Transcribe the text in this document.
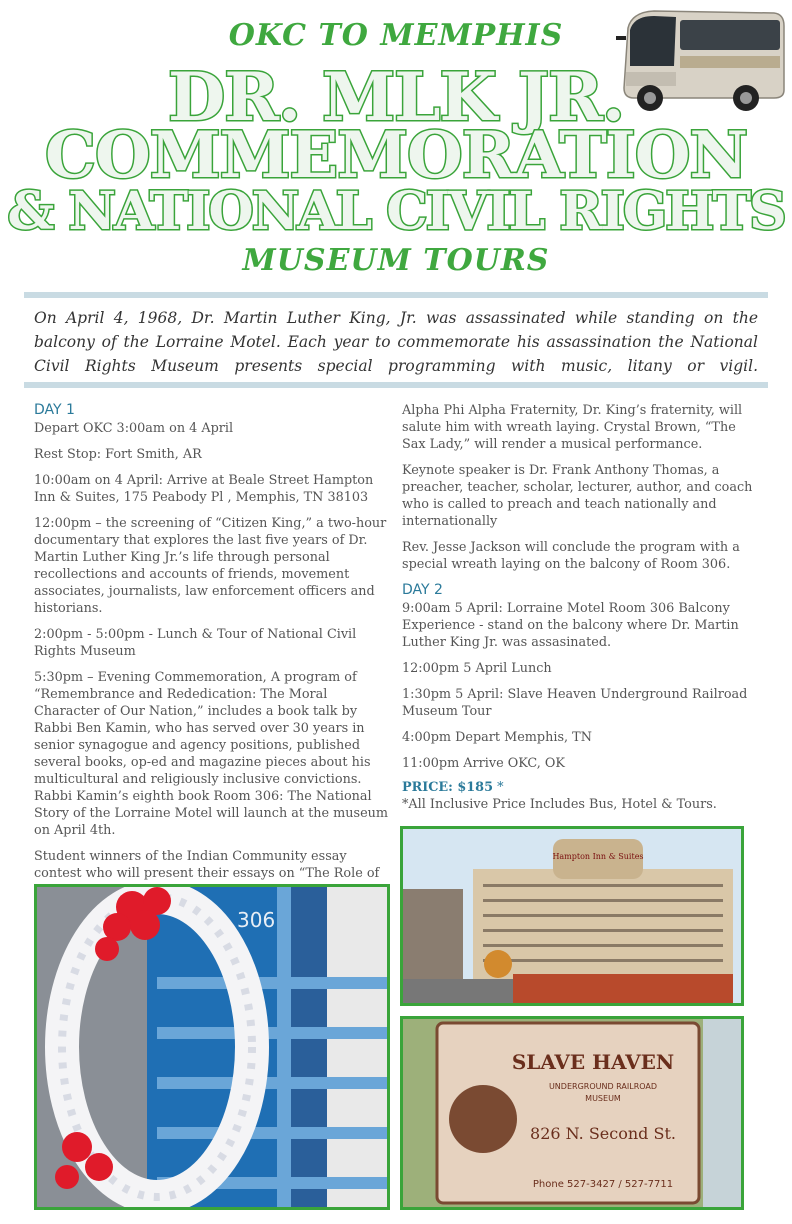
OKC TO MEMPHIS
DR. MLK JR.
COMMEMORATION
& NATIONAL CIVIL RIGHTS
MUSEUM TOURS
On April 4, 1968, Dr. Martin Luther King, Jr. was assassinated while standing on the balcony of the Lorraine Motel. Each year to commemorate his assassination the National Civil Rights Museum presents special programming with music, litany or vigil.
DAY 1

Depart OKC 3:00am on 4 April

Rest Stop: Fort Smith, AR

10:00am on 4 April: Arrive at Beale Street Hampton Inn & Suites, 175 Peabody Pl , Memphis, TN 38103

12:00pm – the screening of “Citizen King,” a two-hour documentary that explores the last five years of Dr. Martin Luther King Jr.’s life through personal recollections and accounts of friends, movement associates, journalists, law enforcement officers and historians.

2:00pm - 5:00pm - Lunch & Tour of National Civil Rights Museum

5:30pm – Evening Commemoration, A program of “Remembrance and Rededication: The Moral Character of Our Nation,” includes a book talk by Rabbi Ben Kamin, who has served over 30 years in senior synagogue and agency positions, published several books, op-ed and magazine pieces about his multicultural and religiously inclusive convictions. Rabbi Kamin’s eighth book Room 306: The National Story of the Lorraine Motel will launch at the museum on April 4th.

Student winners of the Indian Community essay contest who will present their essays on “The Role of

Alpha Phi Alpha Fraternity, Dr. King’s fraternity, will salute him with wreath laying. Crystal Brown, “The Sax Lady,” will render a musical performance.

Keynote speaker is Dr. Frank Anthony Thomas, a preacher, teacher, scholar, lecturer, author, and coach who is called to preach and teach nationally and internationally

Rev. Jesse Jackson will conclude the program with a special wreath laying on the balcony of Room 306.

DAY 2

9:00am 5 April: Lorraine Motel Room 306 Balcony Experience - stand on the balcony where Dr. Martin Luther King Jr. was assasinated.

12:00pm 5 April Lunch

1:30pm 5 April: Slave Heaven Underground Railroad Museum Tour

4:00pm Depart Memphis, TN

11:00pm Arrive OKC, OK

PRICE: $185 *
*All Inclusive Price Includes Bus, Hotel & Tours.
306
Hampton Inn & Suites
SLAVE HAVEN
UNDERGROUND RAILROAD
MUSEUM
826 N. Second St.
Phone 527-3427 / 527-7711
